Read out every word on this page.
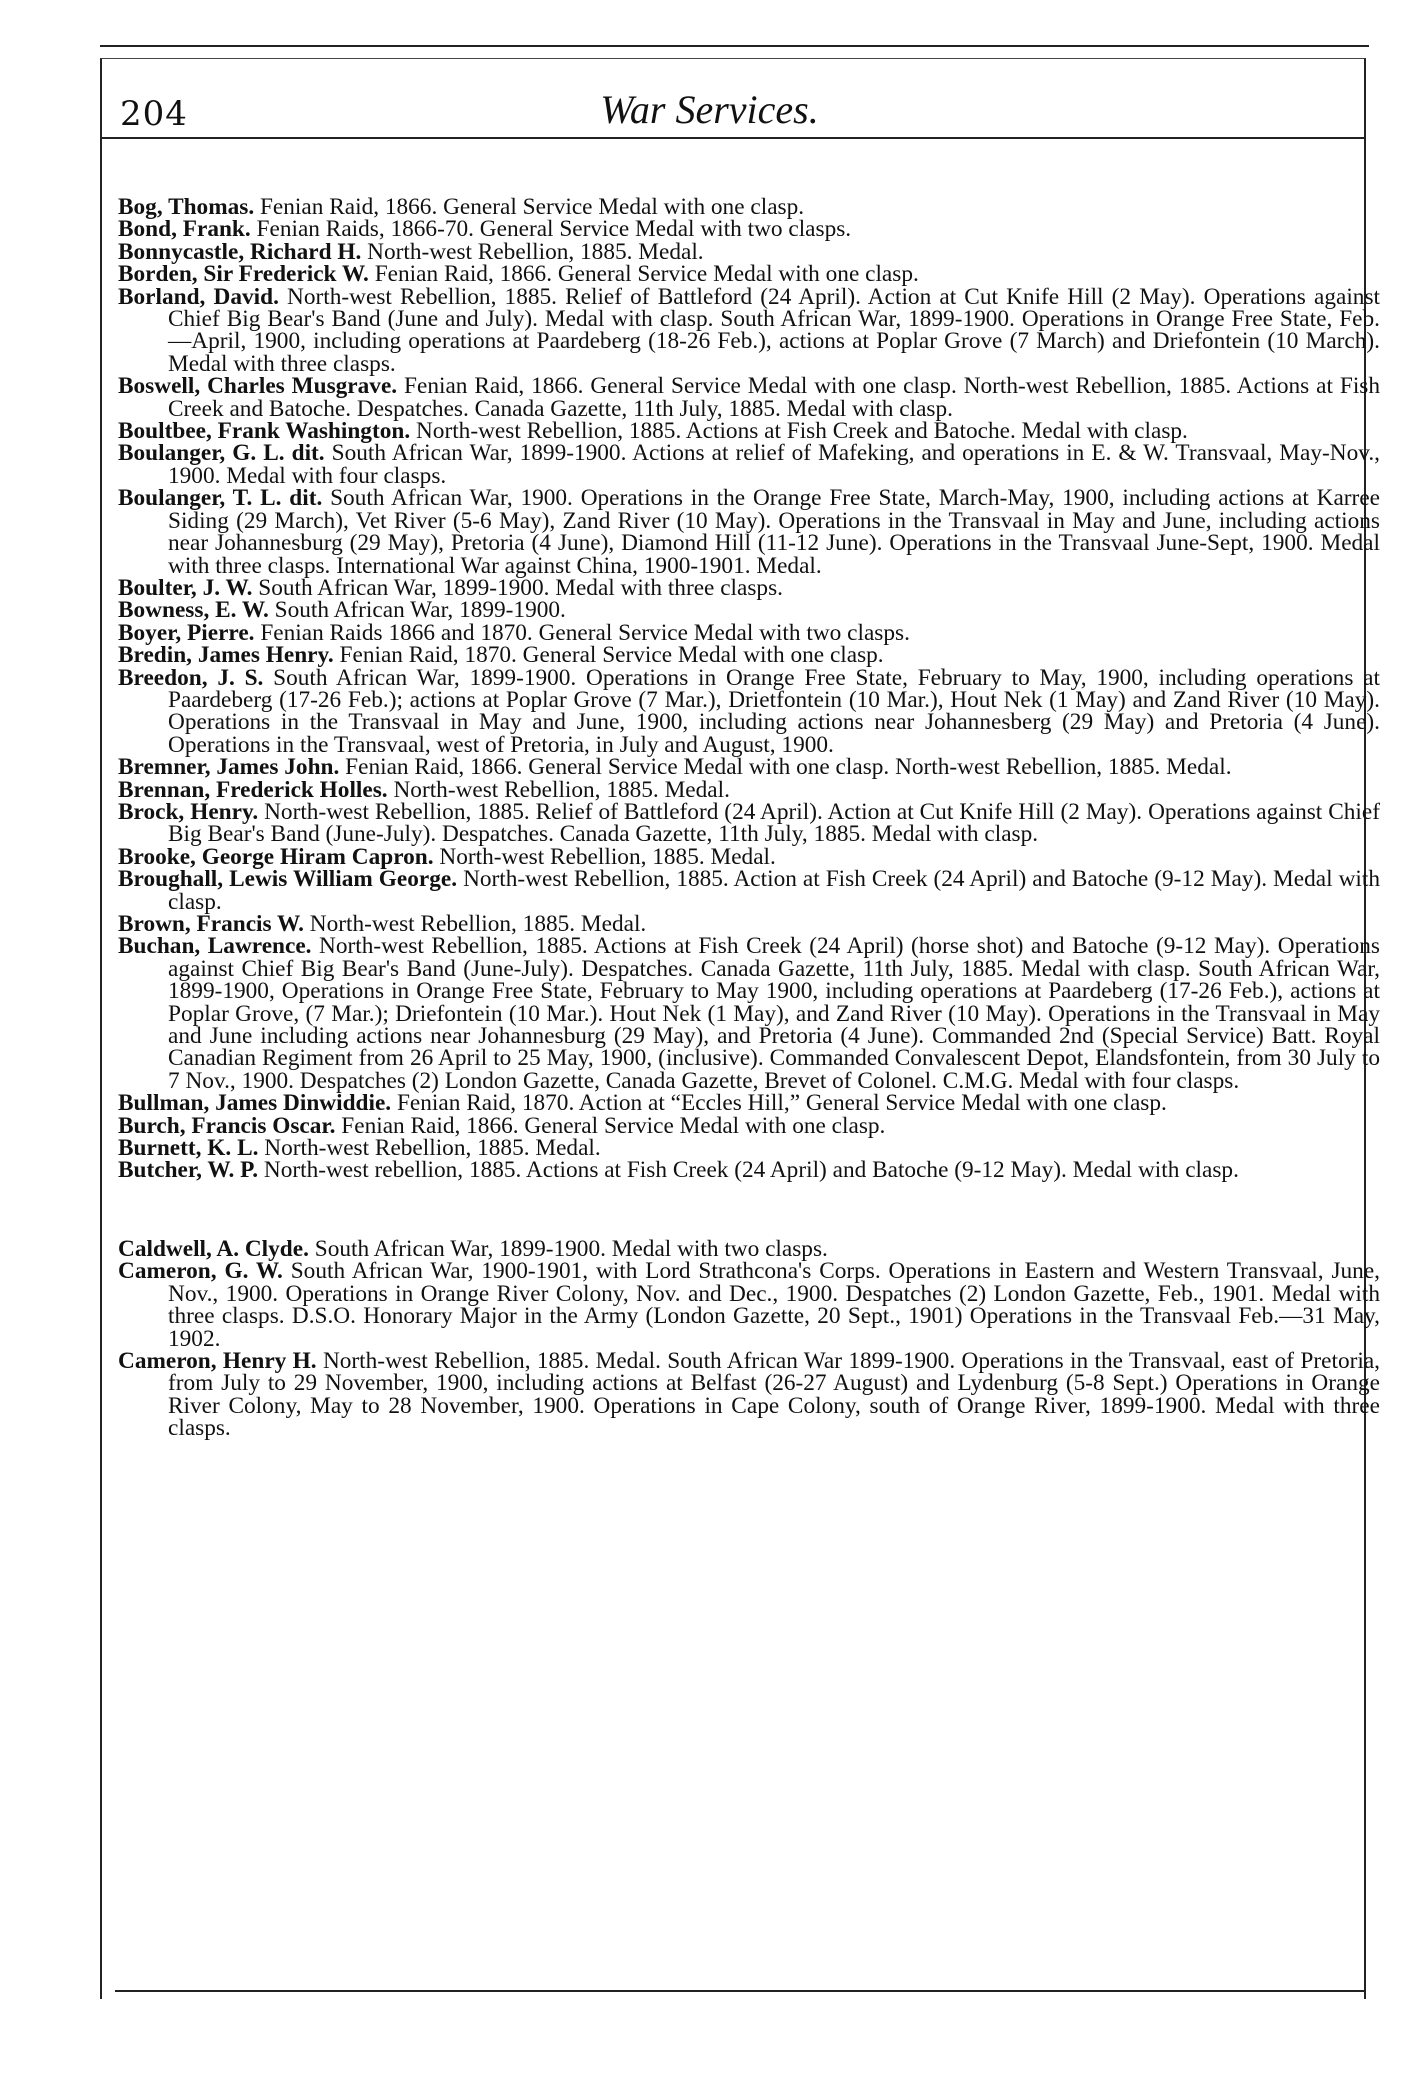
204	War Services.

Bog, Thomas. Fenian Raid, 1866. General Service Medal with one clasp.

Bond, Frank. Fenian Raids, 1866-70. General Service Medal with two clasps.

Bonnycastle, Richard H. North-west Rebellion, 1885. Medal.

Borden, Sir Frederick W. Fenian Raid, 1866. General Service Medal with one clasp.

Borland, David. North-west Rebellion, 1885. Relief of Battleford (24 April). Action at Cut Knife Hill (2 May). Operations against Chief Big Bear's Band (June and July). Medal with clasp. South African War, 1899-1900. Operations in Orange Free State, Feb.—April, 1900, including operations at Paardeberg (18-26 Feb.), actions at Poplar Grove (7 March) and Driefontein (10 March). Medal with three clasps.

Boswell, Charles Musgrave. Fenian Raid, 1866. General Service Medal with one clasp. North-west Rebellion, 1885. Actions at Fish Creek and Batoche. Despatches. Canada Gazette, 11th July, 1885. Medal with clasp.

Boultbee, Frank Washington. North-west Rebellion, 1885. Actions at Fish Creek and Batoche. Medal with clasp.

Boulanger, G. L. dit. South African War, 1899-1900. Actions at relief of Mafeking, and operations in E. & W. Transvaal, May-Nov., 1900. Medal with four clasps.

Boulanger, T. L. dit. South African War, 1900. Operations in the Orange Free State, March-May, 1900, including actions at Karree Siding (29 March), Vet River (5-6 May), Zand River (10 May). Operations in the Transvaal in May and June, including actions near Johannesburg (29 May), Pretoria (4 June), Diamond Hill (11-12 June). Operations in the Transvaal June-Sept, 1900. Medal with three clasps. International War against China, 1900-1901. Medal.

Boulter, J. W. South African War, 1899-1900. Medal with three clasps.

Bowness, E. W. South African War, 1899-1900.

Boyer, Pierre. Fenian Raids 1866 and 1870. General Service Medal with two clasps.

Bredin, James Henry. Fenian Raid, 1870. General Service Medal with one clasp.

Breedon, J. S. South African War, 1899-1900. Operations in Orange Free State, February to May, 1900, including operations at Paardeberg (17-26 Feb.); actions at Poplar Grove (7 Mar.), Drietfontein (10 Mar.), Hout Nek (1 May) and Zand River (10 May). Operations in the Transvaal in May and June, 1900, including actions near Johannesberg (29 May) and Pretoria (4 June). Operations in the Transvaal, west of Pretoria, in July and August, 1900.

Bremner, James John. Fenian Raid, 1866. General Service Medal with one clasp. North-west Rebellion, 1885. Medal.

Brennan, Frederick Holles. North-west Rebellion, 1885. Medal.

Brock, Henry. North-west Rebellion, 1885. Relief of Battleford (24 April). Action at Cut Knife Hill (2 May). Operations against Chief Big Bear's Band (June-July). Despatches. Canada Gazette, 11th July, 1885. Medal with clasp.

Brooke, George Hiram Capron. North-west Rebellion, 1885. Medal.

Broughall, Lewis William George. North-west Rebellion, 1885. Action at Fish Creek (24 April) and Batoche (9-12 May). Medal with clasp.

Brown, Francis W. North-west Rebellion, 1885. Medal.

Buchan, Lawrence. North-west Rebellion, 1885. Actions at Fish Creek (24 April) (horse shot) and Batoche (9-12 May). Operations against Chief Big Bear's Band (June-July). Despatches. Canada Gazette, 11th July, 1885. Medal with clasp. South African War, 1899-1900, Operations in Orange Free State, February to May 1900, including operations at Paardeberg (17-26 Feb.), actions at Poplar Grove, (7 Mar.); Driefontein (10 Mar.). Hout Nek (1 May), and Zand River (10 May). Operations in the Transvaal in May and June including actions near Johannesburg (29 May), and Pretoria (4 June). Commanded 2nd (Special Service) Batt. Royal Canadian Regiment from 26 April to 25 May, 1900, (inclusive). Commanded Convalescent Depot, Elandsfontein, from 30 July to 7 Nov., 1900. Despatches (2) London Gazette, Canada Gazette, Brevet of Colonel. C.M.G. Medal with four clasps.

Bullman, James Dinwiddie. Fenian Raid, 1870. Action at “Eccles Hill,” General Service Medal with one clasp.

Burch, Francis Oscar. Fenian Raid, 1866. General Service Medal with one clasp.

Burnett, K. L. North-west Rebellion, 1885. Medal.

Butcher, W. P. North-west rebellion, 1885. Actions at Fish Creek (24 April) and Batoche (9-12 May). Medal with clasp.

Caldwell, A. Clyde. South African War, 1899-1900. Medal with two clasps.

Cameron, G. W. South African War, 1900-1901, with Lord Strathcona's Corps. Operations in Eastern and Western Transvaal, June, Nov., 1900. Operations in Orange River Colony, Nov. and Dec., 1900. Despatches (2) London Gazette, Feb., 1901. Medal with three clasps. D.S.O. Honorary Major in the Army (London Gazette, 20 Sept., 1901) Operations in the Transvaal Feb.—31 May, 1902.

Cameron, Henry H. North-west Rebellion, 1885. Medal. South African War 1899-1900. Operations in the Transvaal, east of Pretoria, from July to 29 November, 1900, including actions at Belfast (26-27 August) and Lydenburg (5-8 Sept.) Operations in Orange River Colony, May to 28 November, 1900. Operations in Cape Colony, south of Orange River, 1899-1900. Medal with three clasps.
